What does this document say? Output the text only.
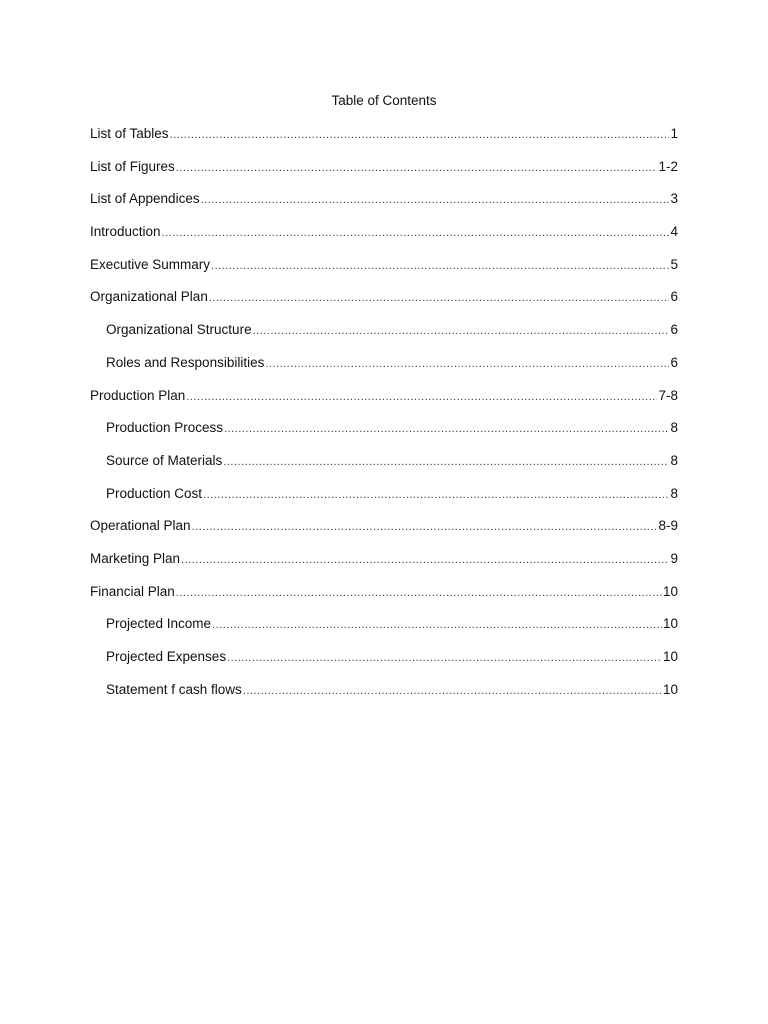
Table of Contents
List of Tables .....	1
List of Figures .....	1-2
List of Appendices .....	3
Introduction .....	4
Executive Summary .....	5
Organizational Plan .....	6
Organizational Structure .....	6
Roles and Responsibilities .....	6
Production Plan .....	7-8
Production Process .....	8
Source of Materials .....	8
Production Cost .....	8
Operational Plan .....	8-9
Marketing Plan .....	9
Financial Plan .....	10
Projected Income .....	10
Projected Expenses .....	10
Statement f cash flows .....	10
